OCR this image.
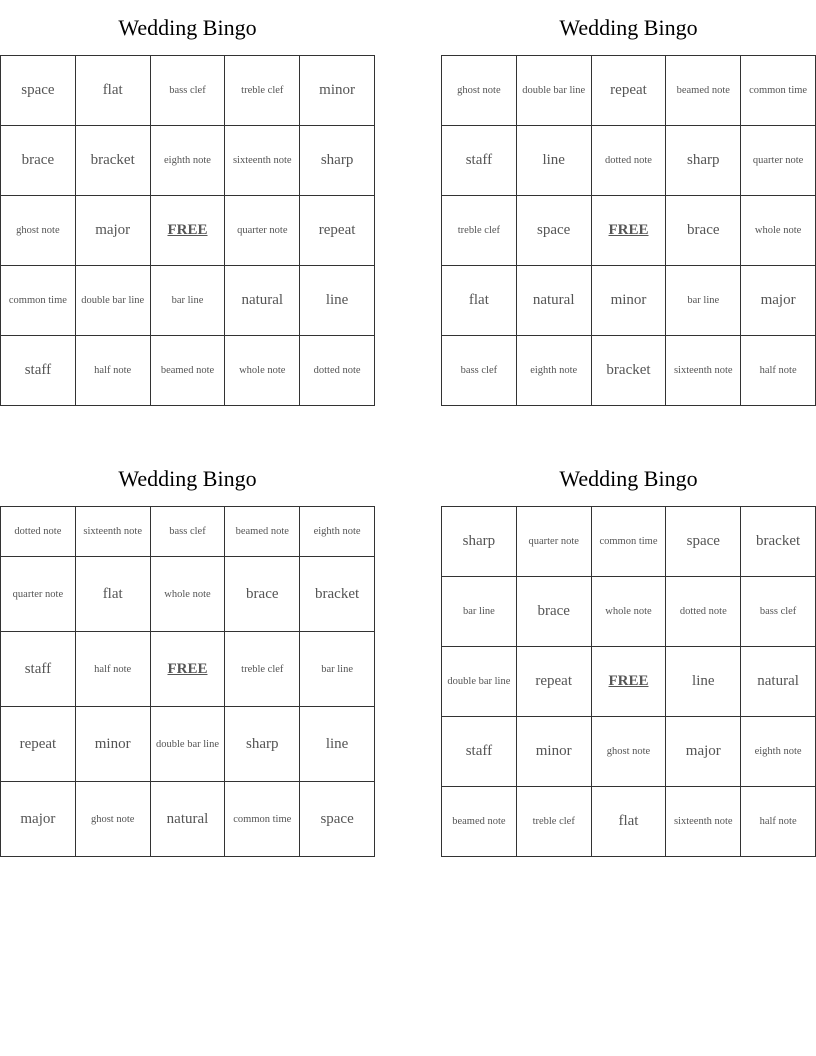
Wedding Bingo
space	flat	bass clef	treble clef	minor
brace	bracket	eighth note	sixteenth note	sharp
ghost note	major	FREE	quarter note	repeat
common time	double bar line	bar line	natural	line
staff	half note	beamed note	whole note	dotted note
Wedding Bingo
ghost note	double bar line	repeat	beamed note	common time
staff	line	dotted note	sharp	quarter note
treble clef	space	FREE	brace	whole note
flat	natural	minor	bar line	major
bass clef	eighth note	bracket	sixteenth note	half note
Wedding Bingo
dotted note	sixteenth note	bass clef	beamed note	eighth note
quarter note	flat	whole note	brace	bracket
staff	half note	FREE	treble clef	bar line
repeat	minor	double bar line	sharp	line
major	ghost note	natural	common time	space
Wedding Bingo
sharp	quarter note	common time	space	bracket
bar line	brace	whole note	dotted note	bass clef
double bar line	repeat	FREE	line	natural
staff	minor	ghost note	major	eighth note
beamed note	treble clef	flat	sixteenth note	half note
